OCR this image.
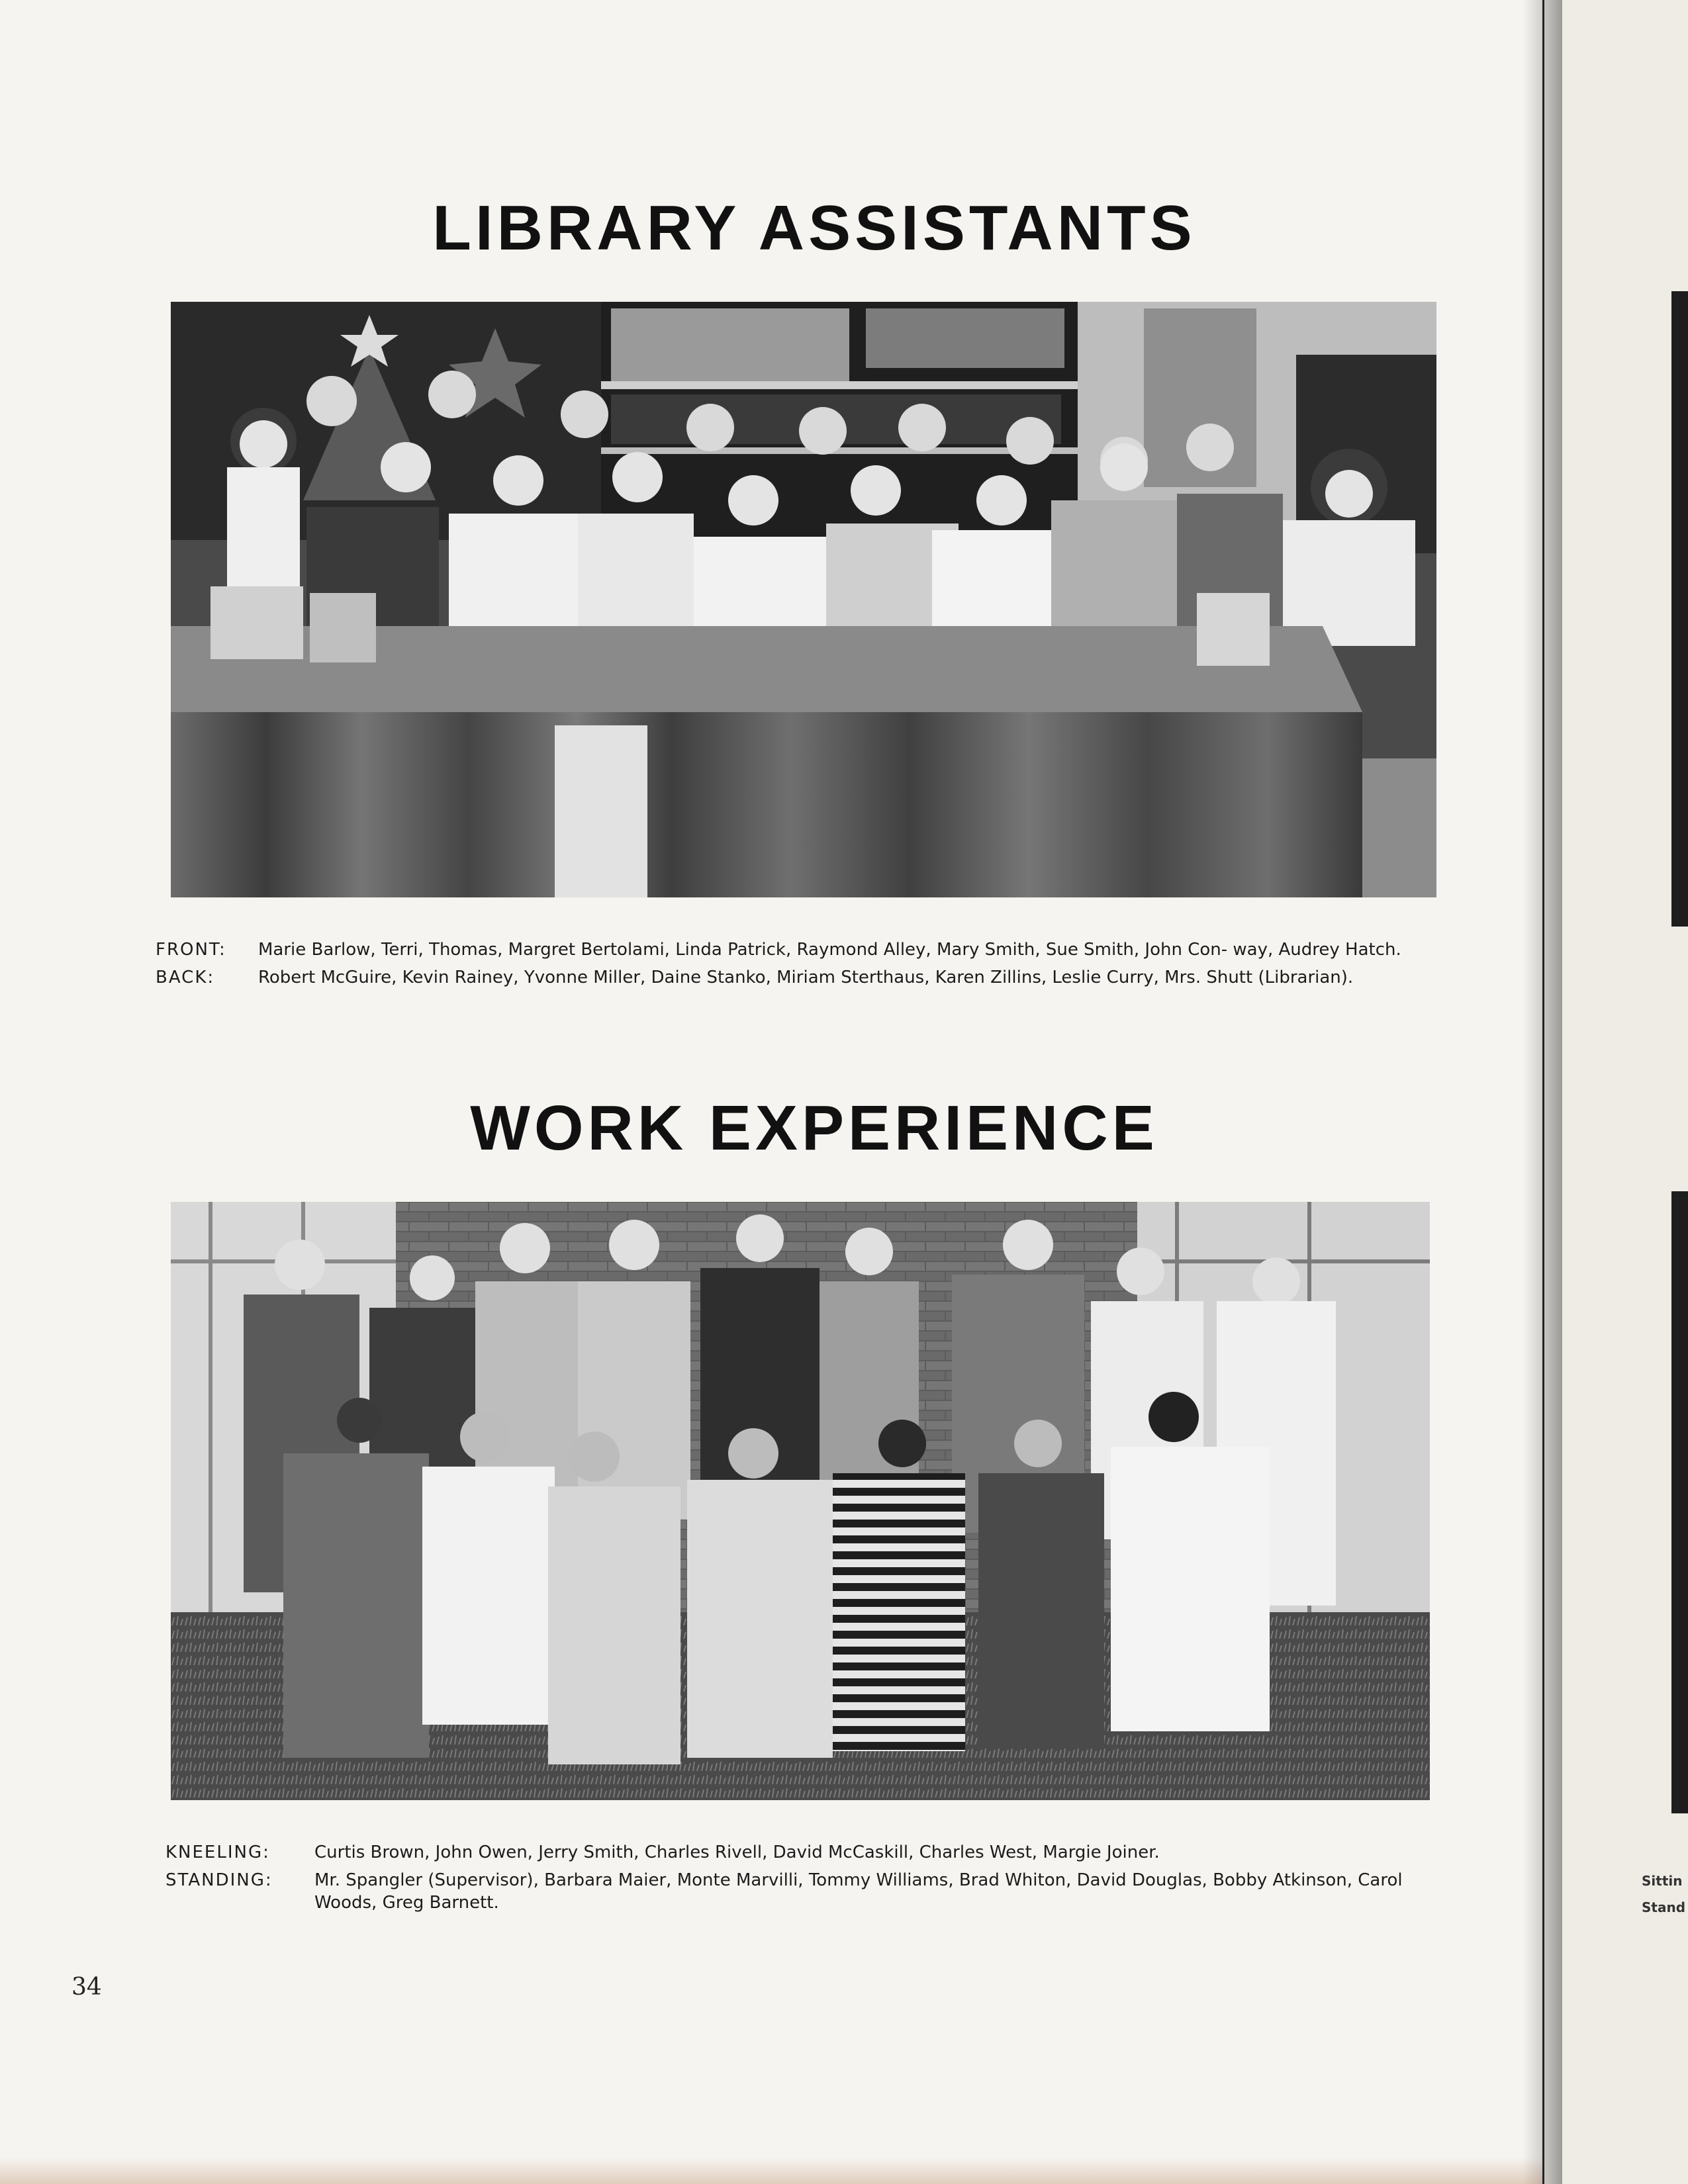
Sittin
Stand
LIBRARY ASSISTANTS
FRONT:	Marie Barlow, Terri, Thomas, Margret Bertolami, Linda Patrick, Raymond Alley, Mary Smith, Sue Smith, John Con- way, Audrey Hatch.
BACK:	Robert McGuire, Kevin Rainey, Yvonne Miller, Daine Stanko, Miriam Sterthaus, Karen Zillins, Leslie Curry, Mrs. Shutt (Librarian).
WORK EXPERIENCE
KNEELING:	Curtis Brown, John Owen, Jerry Smith, Charles Rivell, David McCaskill, Charles West, Margie Joiner.
STANDING:	Mr. Spangler (Supervisor), Barbara Maier, Monte Marvilli, Tommy Williams, Brad Whiton, David Douglas, Bobby Atkinson, Carol Woods, Greg Barnett.
34
